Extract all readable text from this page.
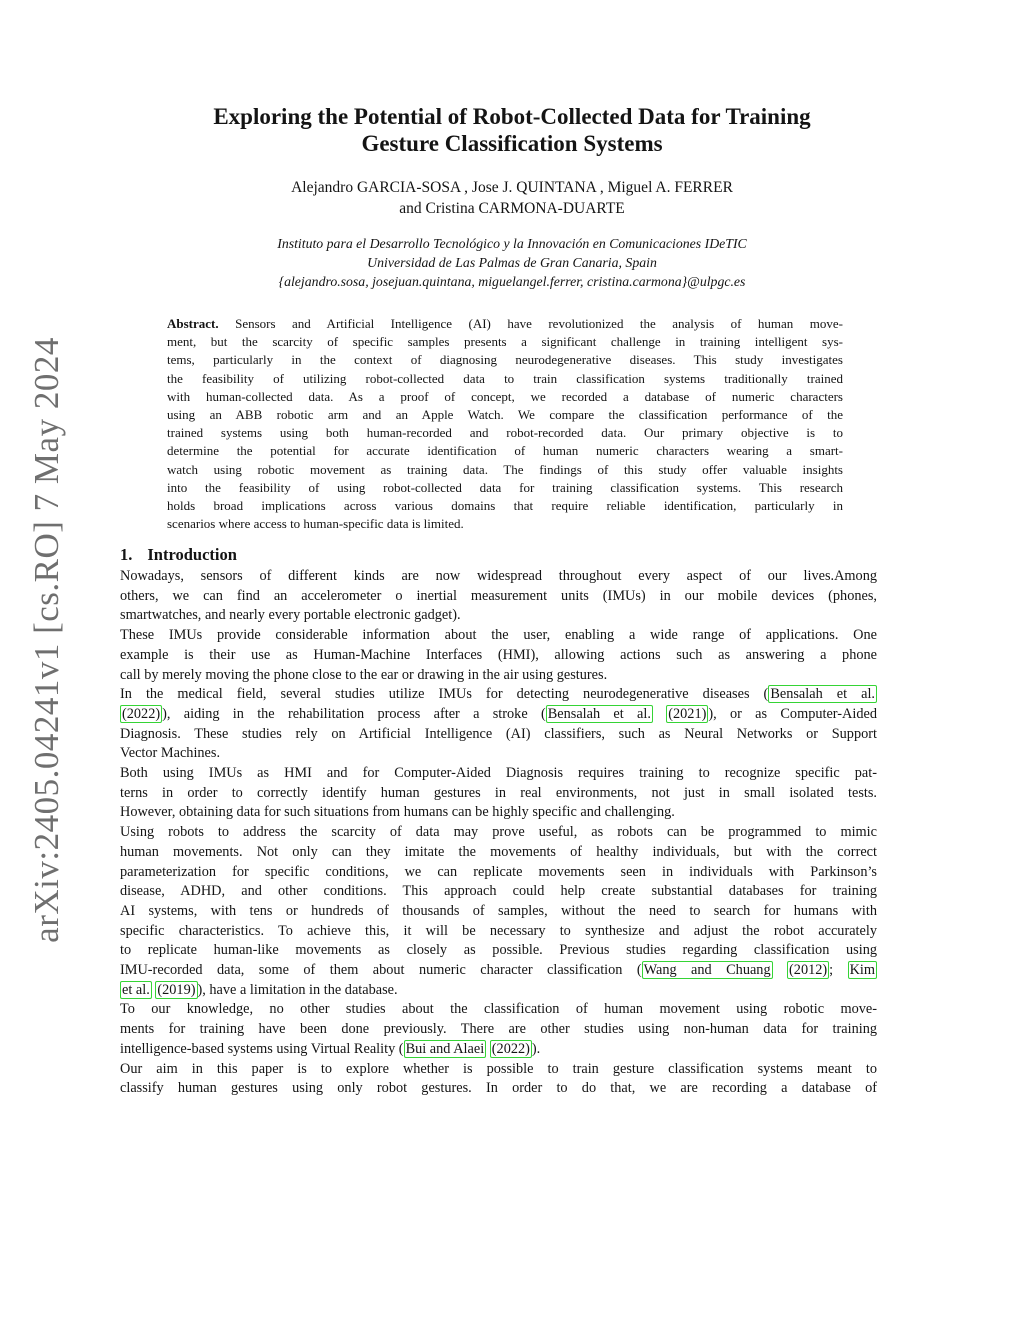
arXiv:2405.04241v1 [cs.RO] 7 May 2024
Exploring the Potential of Robot-Collected Data for Training
Gesture Classification Systems
Alejandro GARCIA-SOSA , Jose J. QUINTANA , Miguel A. FERRER
and Cristina CARMONA-DUARTE
Instituto para el Desarrollo Tecnológico y la Innovación en Comunicaciones IDeTIC
Universidad de Las Palmas de Gran Canaria, Spain
{alejandro.sosa, josejuan.quintana, miguelangel.ferrer, cristina.carmona}@ulpgc.es
Abstract. Sensors and Artificial Intelligence (AI) have revolutionized the analysis of human move-
ment, but the scarcity of specific samples presents a significant challenge in training intelligent sys-
tems, particularly in the context of diagnosing neurodegenerative diseases. This study investigates
the feasibility of utilizing robot-collected data to train classification systems traditionally trained
with human-collected data. As a proof of concept, we recorded a database of numeric characters
using an ABB robotic arm and an Apple Watch. We compare the classification performance of the
trained systems using both human-recorded and robot-recorded data. Our primary objective is to
determine the potential for accurate identification of human numeric characters wearing a smart-
watch using robotic movement as training data. The findings of this study offer valuable insights
into the feasibility of using robot-collected data for training classification systems. This research
holds broad implications across various domains that require reliable identification, particularly in
scenarios where access to human-specific data is limited.
1. Introduction
Nowadays, sensors of different kinds are now widespread throughout every aspect of our lives.Among
others, we can find an accelerometer o inertial measurement units (IMUs) in our mobile devices (phones,
smartwatches, and nearly every portable electronic gadget).
These IMUs provide considerable information about the user, enabling a wide range of applications. One
example is their use as Human-Machine Interfaces (HMI), allowing actions such as answering a phone
call by merely moving the phone close to the ear or drawing in the air using gestures.
In the medical field, several studies utilize IMUs for detecting neurodegenerative diseases ( Bensalah et al.
(2022) ), aiding in the rehabilitation process after a stroke ( Bensalah et al. (2021) ), or as Computer-Aided
Diagnosis. These studies rely on Artificial Intelligence (AI) classifiers, such as Neural Networks or Support
Vector Machines.
Both using IMUs as HMI and for Computer-Aided Diagnosis requires training to recognize specific pat-
terns in order to correctly identify human gestures in real environments, not just in small isolated tests.
However, obtaining data for such situations from humans can be highly specific and challenging.
Using robots to address the scarcity of data may prove useful, as robots can be programmed to mimic
human movements. Not only can they imitate the movements of healthy individuals, but with the correct
parameterization for specific conditions, we can replicate movements seen in individuals with Parkinson’s
disease, ADHD, and other conditions. This approach could help create substantial databases for training
AI systems, with tens or hundreds of thousands of samples, without the need to search for humans with
specific characteristics. To achieve this, it will be necessary to synthesize and adjust the robot accurately
to replicate human-like movements as closely as possible. Previous studies regarding classification using
IMU-recorded data, some of them about numeric character classification ( Wang and Chuang (2012) ; Kim
et al. (2019) ), have a limitation in the database.
To our knowledge, no other studies about the classification of human movement using robotic move-
ments for training have been done previously. There are other studies using non-human data for training
intelligence-based systems using Virtual Reality ( Bui and Alaei (2022) ).
Our aim in this paper is to explore whether is possible to train gesture classification systems meant to
classify human gestures using only robot gestures. In order to do that, we are recording a database of
